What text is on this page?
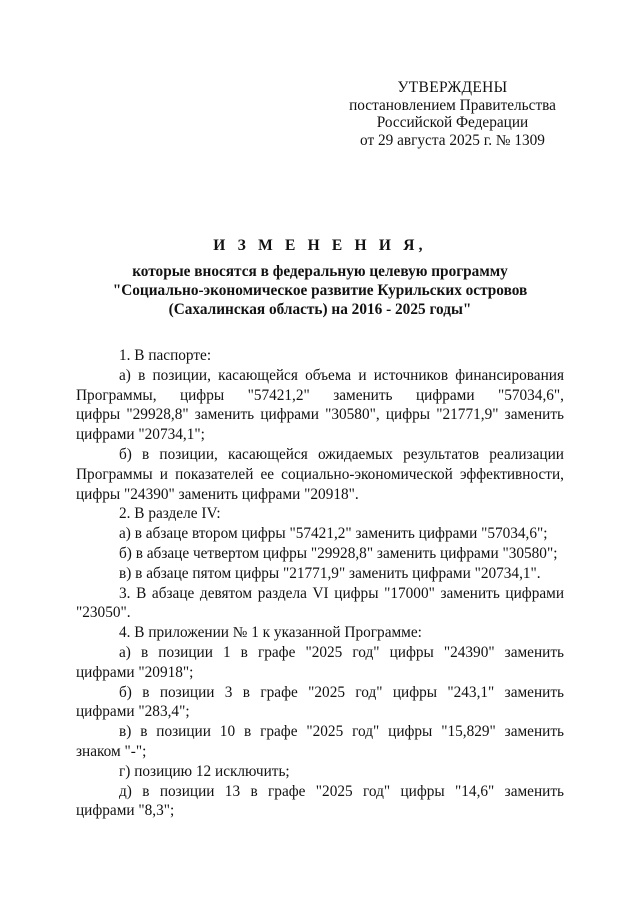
УТВЕРЖДЕНЫ
постановлением Правительства
Российской Федерации
от 29 августа 2025 г. № 1309
И З М Е Н Е Н И Я,
которые вносятся в федеральную целевую программу
"Социально-экономическое развитие Курильских островов
(Сахалинская область) на 2016 - 2025 годы"
1. В паспорте:
а) в позиции, касающейся объема и источников финансирования
Программы, цифры "57421,2" заменить цифрами "57034,6",
цифры "29928,8" заменить цифрами "30580", цифры "21771,9" заменить
цифрами "20734,1";
б) в позиции, касающейся ожидаемых результатов реализации
Программы и показателей ее социально-экономической эффективности,
цифры "24390" заменить цифрами "20918".
2. В разделе IV:
а) в абзаце втором цифры "57421,2" заменить цифрами "57034,6";
б) в абзаце четвертом цифры "29928,8" заменить цифрами "30580";
в) в абзаце пятом цифры "21771,9" заменить цифрами "20734,1".
3. В абзаце девятом раздела VI цифры "17000" заменить цифрами
"23050".
4. В приложении № 1 к указанной Программе:
а) в позиции 1 в графе "2025 год" цифры "24390" заменить
цифрами "20918";
б) в позиции 3 в графе "2025 год" цифры "243,1" заменить
цифрами "283,4";
в) в позиции 10 в графе "2025 год" цифры "15,829" заменить
знаком "-";
г) позицию 12 исключить;
д) в позиции 13 в графе "2025 год" цифры "14,6" заменить
цифрами "8,3";
